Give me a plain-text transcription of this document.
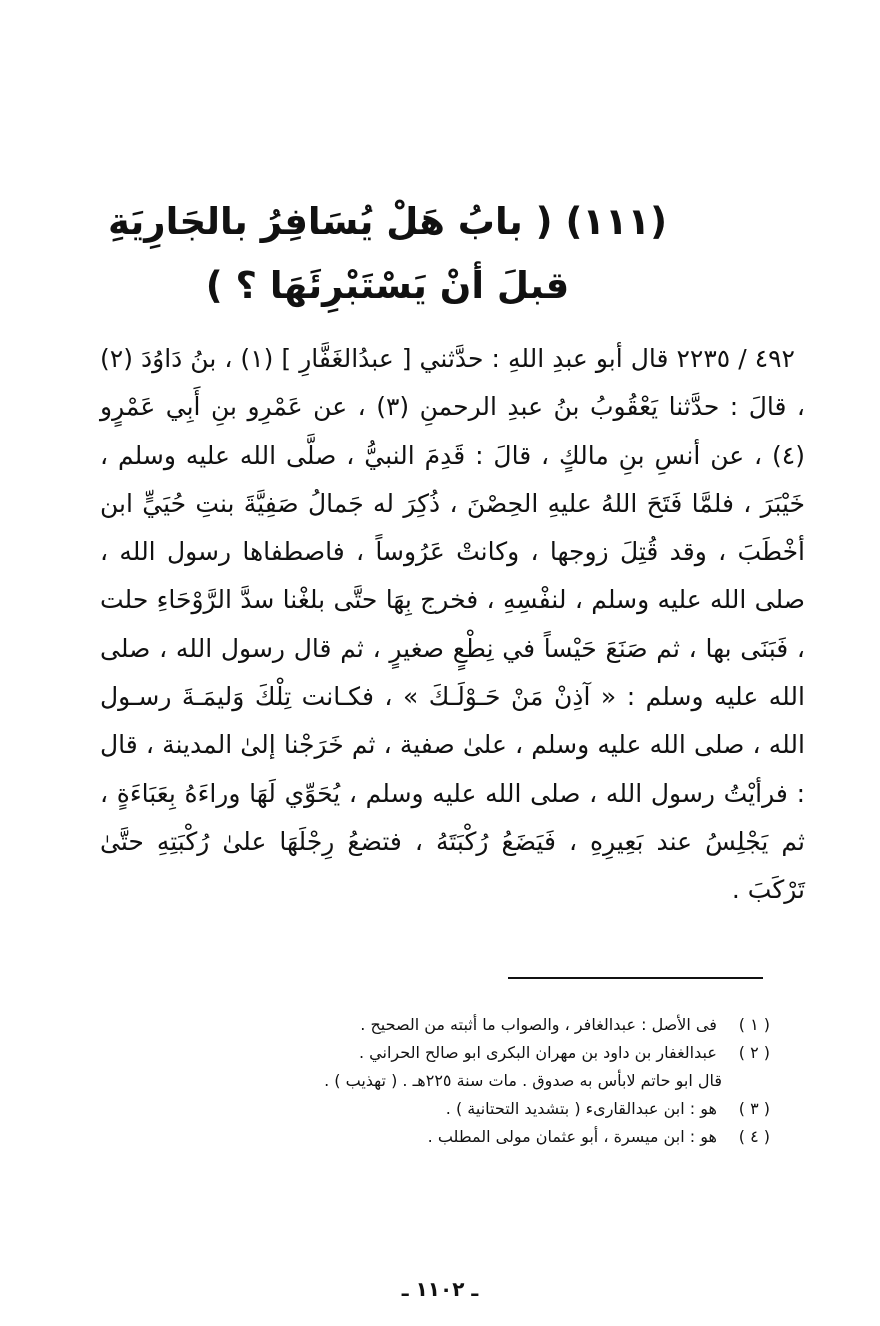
(١١١) ( بابُ هَلْ يُسَافِرُ بالجَارِيَةِ
قبلَ أنْ يَسْتَبْرِئَهَا ؟ )

٤٩٢ / ٢٢٣٥ قال أبو عبدِ اللهِ : حدَّثني [ عبدُالغَفَّارِ ] (١) ، بنُ دَاوُدَ (٢) ، قالَ : حدَّثنا يَعْقُوبُ بنُ عبدِ الرحمنِ (٣) ، عن عَمْرِو بنِ أَبِي عَمْرٍو (٤) ، عن أنسِ بنِ مالكٍ ، قالَ : قَدِمَ النبيُّ ، صلَّى الله عليه وسلم ، خَيْبَرَ ، فلمَّا فَتَحَ اللهُ عليهِ الحِصْنَ ، ذُكِرَ له جَمالُ صَفِيَّةَ بنتِ حُيَيٍّ ابن أخْطَبَ ، وقد قُتِلَ زوجها ، وكانتْ عَرُوساً ، فاصطفاها رسول الله ، صلى الله عليه وسلم ، لنفْسِهِ ، فخرج بِهَا حتَّى بلغْنا سدَّ الرَّوْحَاءِ حلت ، فَبَنَى بها ، ثم صَنَعَ حَيْساً في نِطْعٍ صغيرٍ ، ثم قال رسول الله ، صلى الله عليه وسلم : « آذِنْ مَنْ حَـوْلَـكَ » ، فكـانت تِلْكَ وَليمَـةَ رسـول الله ، صلى الله عليه وسلم ، علىٰ صفية ، ثم خَرَجْنا إلىٰ المدينة ، قال : فرأيْتُ رسول الله ، صلى الله عليه وسلم ، يُحَوِّي لَهَا وراءَهُ بِعَبَاءَةٍ ، ثم يَجْلِسُ عند بَعِيرِهِ ، فَيَضَعُ رُكْبَتَهُ ، فتضعُ رِجْلَهَا علىٰ رُكْبَتِهِ حتَّىٰ تَرْكَبَ .

( ١ ) فى الأصل : عبدالغافر ، والصواب ما أثبته من الصحيح .
( ٢ ) عبدالغفار بن داود بن مهران البكرى ابو صالح الحراني .
قال ابو حاتم لابأس به صدوق . مات سنة ٢٢٥هـ . ( تهذيب ) .
( ٣ ) هو : ابن عبدالقارىء ( بتشديد التحتانية ) .
( ٤ ) هو : ابن ميسرة ، أبو عثمان مولى المطلب .
ـ ١١٠٢ ـ
